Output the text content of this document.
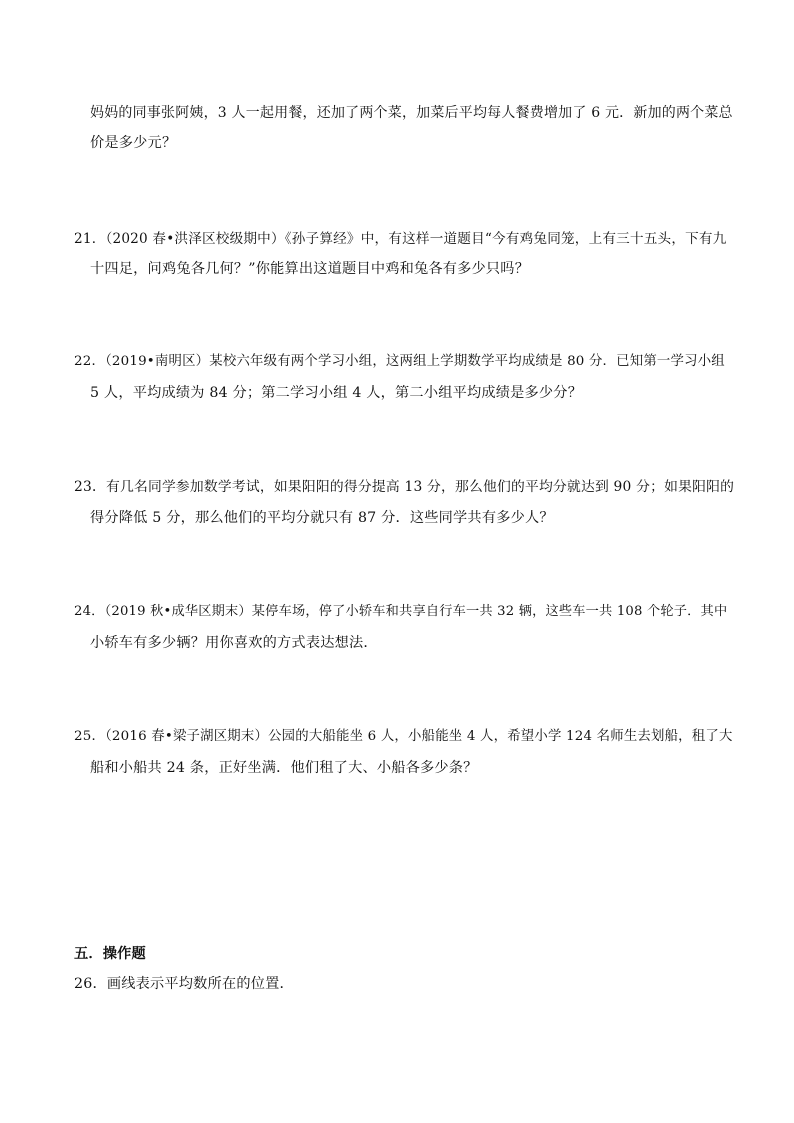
妈妈的同事张阿姨，3 人一起用餐，还加了两个菜，加菜后平均每人餐费增加了 6 元．新加的两个菜总
价是多少元？
21．（2020 春•洪泽区校级期中）《孙子算经》中，有这样一道题目“今有鸡兔同笼，上有三十五头，下有九
十四足，问鸡兔各几何？”你能算出这道题目中鸡和兔各有多少只吗？
22．（2019•南明区）某校六年级有两个学习小组，这两组上学期数学平均成绩是 80 分．已知第一学习小组
5 人，平均成绩为 84 分；第二学习小组 4 人，第二小组平均成绩是多少分？
23．有几名同学参加数学考试，如果阳阳的得分提高 13 分，那么他们的平均分就达到 90 分；如果阳阳的
得分降低 5 分，那么他们的平均分就只有 87 分．这些同学共有多少人？
24．（2019 秋•成华区期末）某停车场，停了小轿车和共享自行车一共 32 辆，这些车一共 108 个轮子．其中
小轿车有多少辆？用你喜欢的方式表达想法．
25．（2016 春•梁子湖区期末）公园的大船能坐 6 人，小船能坐 4 人，希望小学 124 名师生去划船，租了大
船和小船共 24 条，正好坐满．他们租了大、小船各多少条？
五．操作题
26．画线表示平均数所在的位置．
